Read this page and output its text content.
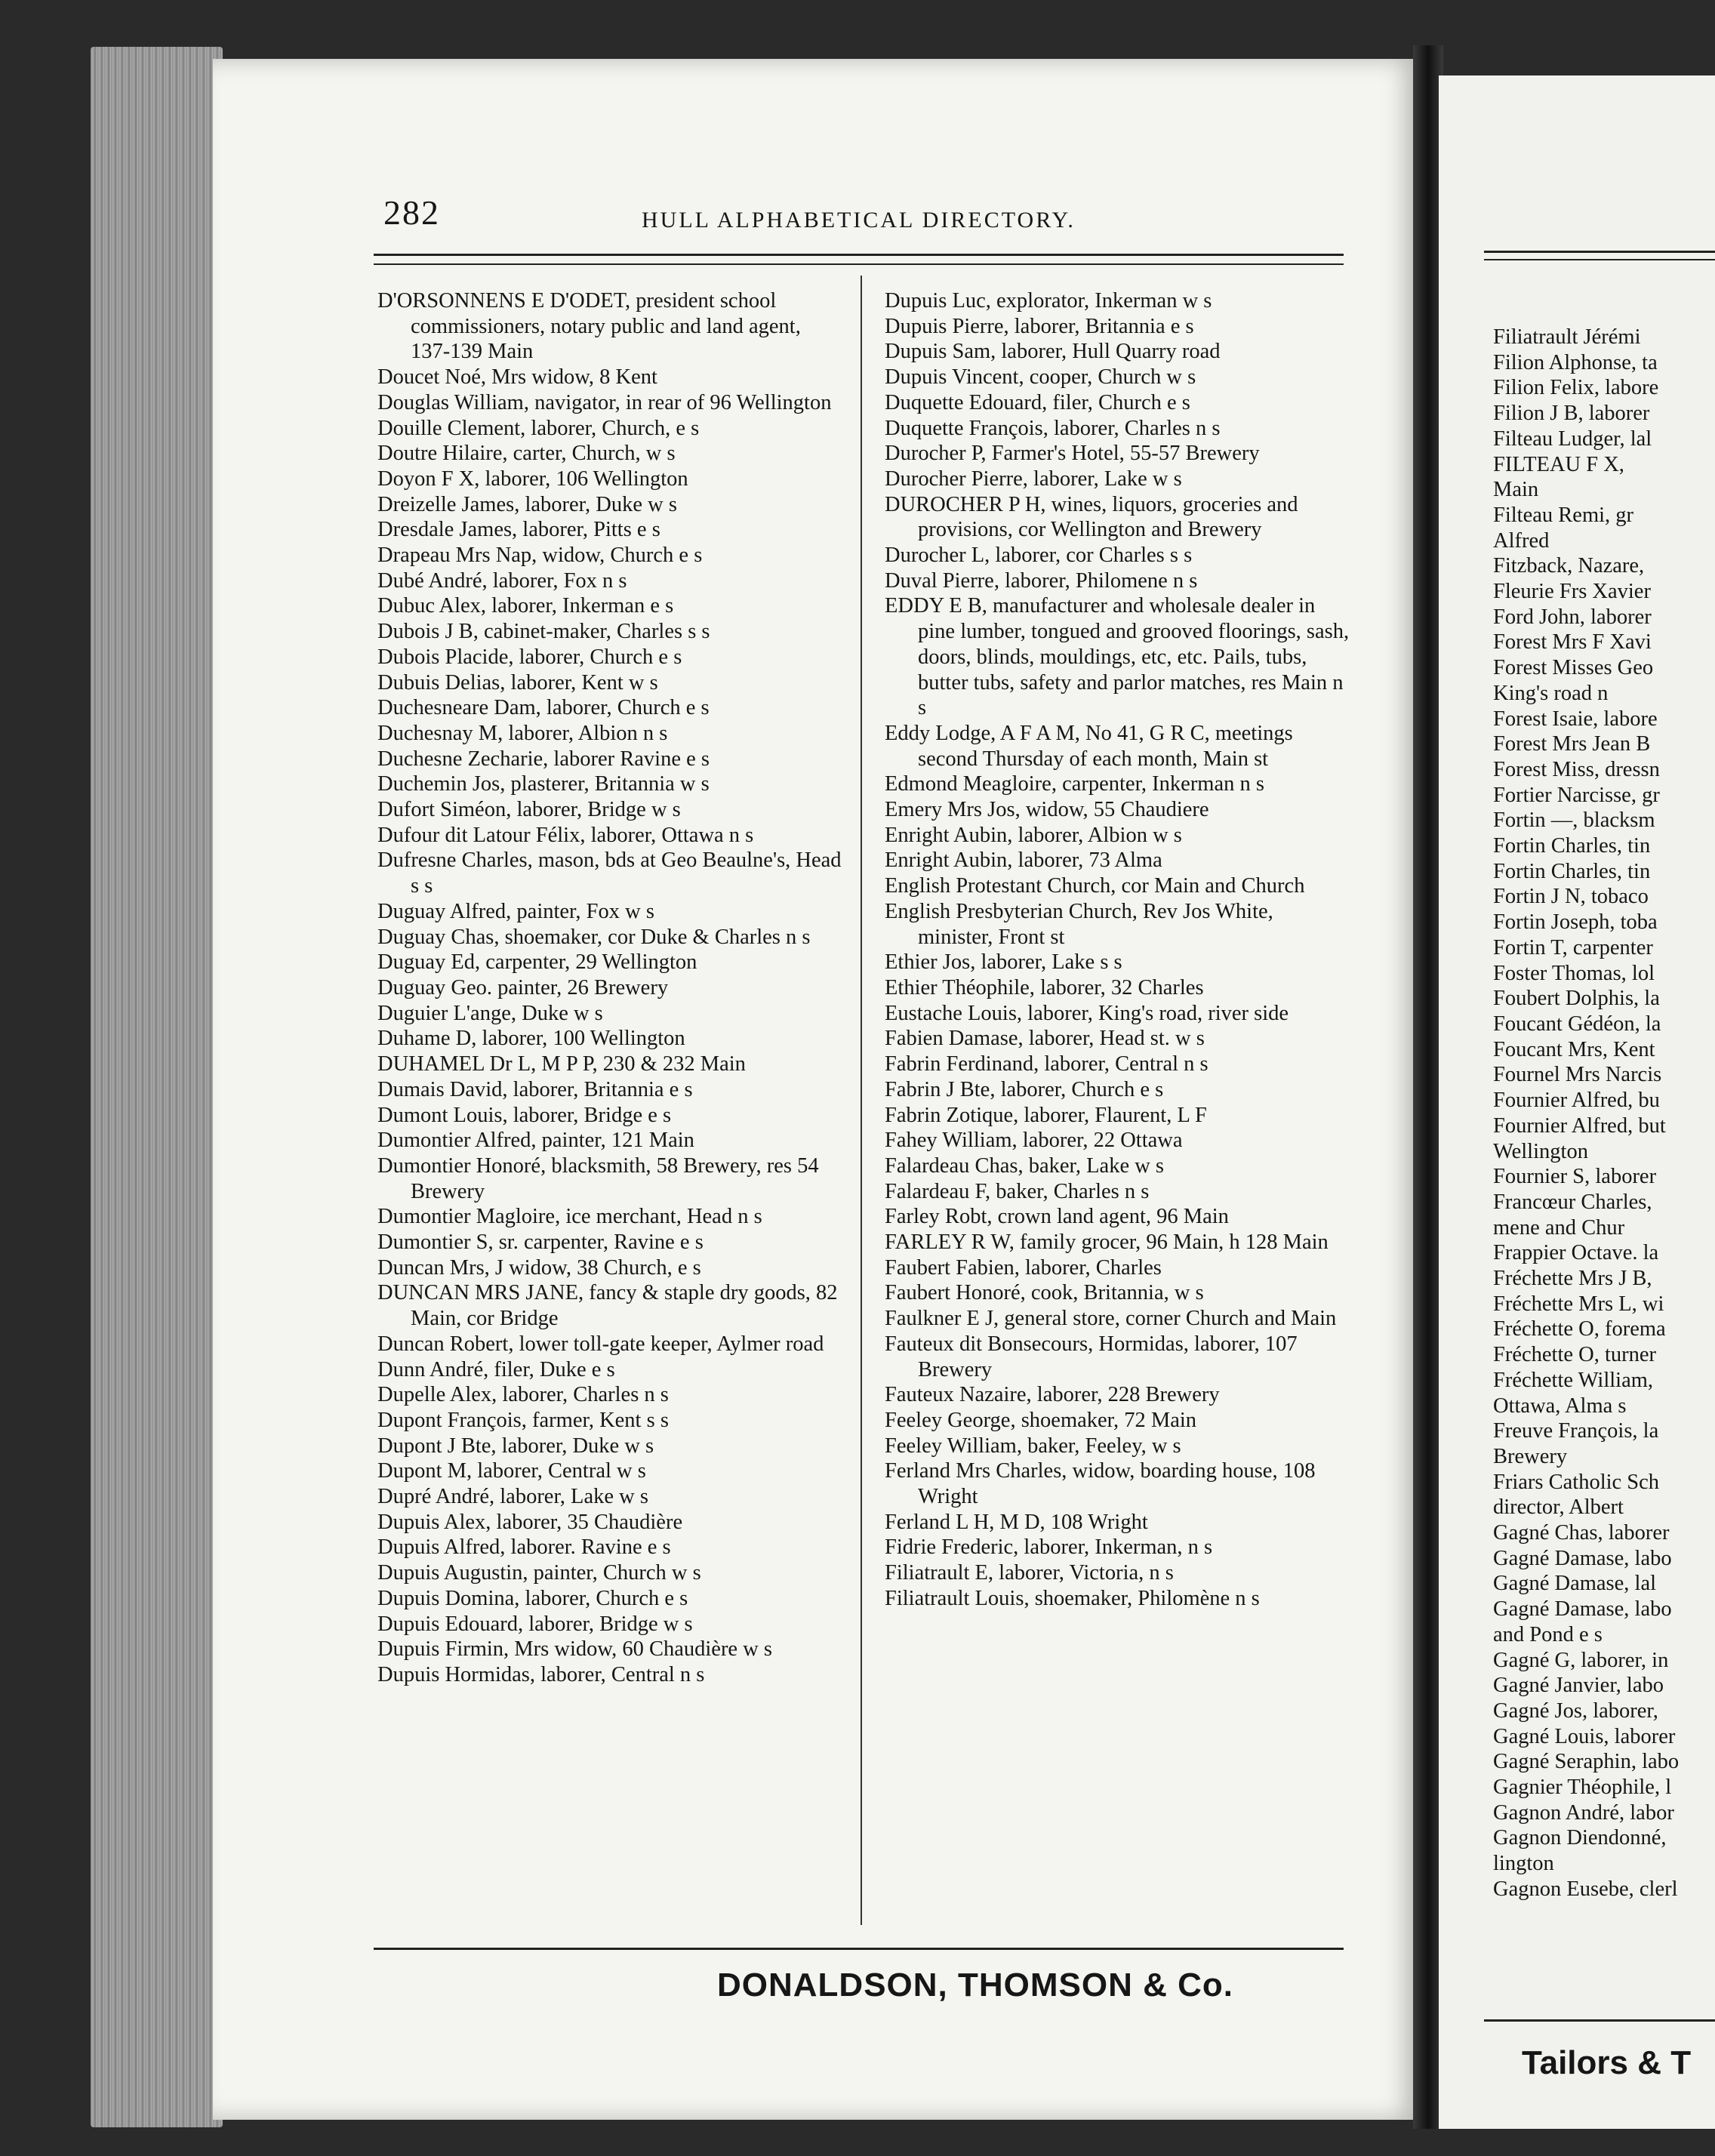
282	HULL ALPHABETICAL DIRECTORY.
D'ORSONNENS E D'ODET, president school commissioners, notary public and land agent, 137-139 Main
Doucet Noé, Mrs widow, 8 Kent
Douglas William, navigator, in rear of 96 Wellington
Douille Clement, laborer, Church, e s
Doutre Hilaire, carter, Church, w s
Doyon F X, laborer, 106 Wellington
Dreizelle James, laborer, Duke w s
Dresdale James, laborer, Pitts e s
Drapeau Mrs Nap, widow, Church e s
Dubé André, laborer, Fox n s
Dubuc Alex, laborer, Inkerman e s
Dubois J B, cabinet-maker, Charles s s
Dubois Placide, laborer, Church e s
Dubuis Delias, laborer, Kent w s
Duchesneare Dam, laborer, Church e s
Duchesnay M, laborer, Albion n s
Duchesne Zecharie, laborer Ravine e s
Duchemin Jos, plasterer, Britannia w s
Dufort Siméon, laborer, Bridge w s
Dufour dit Latour Félix, laborer, Ottawa n s
Dufresne Charles, mason, bds at Geo Beaulne's, Head s s
Duguay Alfred, painter, Fox w s
Duguay Chas, shoemaker, cor Duke & Charles n s
Duguay Ed, carpenter, 29 Wellington
Duguay Geo. painter, 26 Brewery
Duguier L'ange, Duke w s
Duhame D, laborer, 100 Wellington
DUHAMEL Dr L, M P P, 230 & 232 Main
Dumais David, laborer, Britannia e s
Dumont Louis, laborer, Bridge e s
Dumontier Alfred, painter, 121 Main
Dumontier Honoré, blacksmith, 58 Brewery, res 54 Brewery
Dumontier Magloire, ice merchant, Head n s
Dumontier S, sr. carpenter, Ravine e s
Duncan Mrs, J widow, 38 Church, e s
DUNCAN MRS JANE, fancy & staple dry goods, 82 Main, cor Bridge
Duncan Robert, lower toll-gate keeper, Aylmer road
Dunn André, filer, Duke e s
Dupelle Alex, laborer, Charles n s
Dupont François, farmer, Kent s s
Dupont J Bte, laborer, Duke w s
Dupont M, laborer, Central w s
Dupré André, laborer, Lake w s
Dupuis Alex, laborer, 35 Chaudière
Dupuis Alfred, laborer. Ravine e s
Dupuis Augustin, painter, Church w s
Dupuis Domina, laborer, Church e s
Dupuis Edouard, laborer, Bridge w s
Dupuis Firmin, Mrs widow, 60 Chaudière w s
Dupuis Hormidas, laborer, Central n s
Dupuis Luc, explorator, Inkerman w s
Dupuis Pierre, laborer, Britannia e s
Dupuis Sam, laborer, Hull Quarry road
Dupuis Vincent, cooper, Church w s
Duquette Edouard, filer, Church e s
Duquette François, laborer, Charles n s
Durocher P, Farmer's Hotel, 55-57 Brewery
Durocher Pierre, laborer, Lake w s
DUROCHER P H, wines, liquors, groceries and provisions, cor Wellington and Brewery
Durocher L, laborer, cor Charles s s
Duval Pierre, laborer, Philomene n s
EDDY E B, manufacturer and wholesale dealer in pine lumber, tongued and grooved floorings, sash, doors, blinds, mouldings, etc, etc. Pails, tubs, butter tubs, safety and parlor matches, res Main n s
Eddy Lodge, A F A M, No 41, G R C, meetings second Thursday of each month, Main st
Edmond Meagloire, carpenter, Inkerman n s
Emery Mrs Jos, widow, 55 Chaudiere
Enright Aubin, laborer, Albion w s
Enright Aubin, laborer, 73 Alma
English Protestant Church, cor Main and Church
English Presbyterian Church, Rev Jos White, minister, Front st
Ethier Jos, laborer, Lake s s
Ethier Théophile, laborer, 32 Charles
Eustache Louis, laborer, King's road, river side
Fabien Damase, laborer, Head st. w s
Fabrin Ferdinand, laborer, Central n s
Fabrin J Bte, laborer, Church e s
Fabrin Zotique, laborer, Flaurent, L F
Fahey William, laborer, 22 Ottawa
Falardeau Chas, baker, Lake w s
Falardeau F, baker, Charles n s
Farley Robt, crown land agent, 96 Main
FARLEY R W, family grocer, 96 Main, h 128 Main
Faubert Fabien, laborer, Charles
Faubert Honoré, cook, Britannia, w s
Faulkner E J, general store, corner Church and Main
Fauteux dit Bonsecours, Hormidas, laborer, 107 Brewery
Fauteux Nazaire, laborer, 228 Brewery
Feeley George, shoemaker, 72 Main
Feeley William, baker, Feeley, w s
Ferland Mrs Charles, widow, boarding house, 108 Wright
Ferland L H, M D, 108 Wright
Fidrie Frederic, laborer, Inkerman, n s
Filiatrault E, laborer, Victoria, n s
Filiatrault Louis, shoemaker, Philomène n s
DONALDSON, THOMSON & Co.
Filiatrault Jérémi
Filion Alphonse, ta
Filion Felix, labore
Filion J B, laborer
Filteau Ludger, lal
FILTEAU F X,
Main
Filteau Remi, gr
Alfred
Fitzback, Nazare,
Fleurie Frs Xavier
Ford John, laborer
Forest Mrs F Xavi
Forest Misses Geo
King's road n
Forest Isaie, labore
Forest Mrs Jean B
Forest Miss, dressn
Fortier Narcisse, gr
Fortin —, blacksm
Fortin Charles, tin
Fortin Charles, tin
Fortin J N, tobaco
Fortin Joseph, toba
Fortin T, carpenter
Foster Thomas, lol
Foubert Dolphis, la
Foucant Gédéon, la
Foucant Mrs, Kent
Fournel Mrs Narcis
Fournier Alfred, bu
Fournier Alfred, but
Wellington
Fournier S, laborer
Francœur Charles,
mene and Chur
Frappier Octave. la
Fréchette Mrs J B,
Fréchette Mrs L, wi
Fréchette O, forema
Fréchette O, turner
Fréchette William,
Ottawa, Alma s
Freuve François, la
Brewery
Friars Catholic Sch
director, Albert
Gagné Chas, laborer
Gagné Damase, labo
Gagné Damase, lal
Gagné Damase, labo
and Pond e s
Gagné G, laborer, in
Gagné Janvier, labo
Gagné Jos, laborer,
Gagné Louis, laborer
Gagné Seraphin, labo
Gagnier Théophile, l
Gagnon André, labor
Gagnon Diendonné,
lington
Gagnon Eusebe, clerl
Tailors & T
